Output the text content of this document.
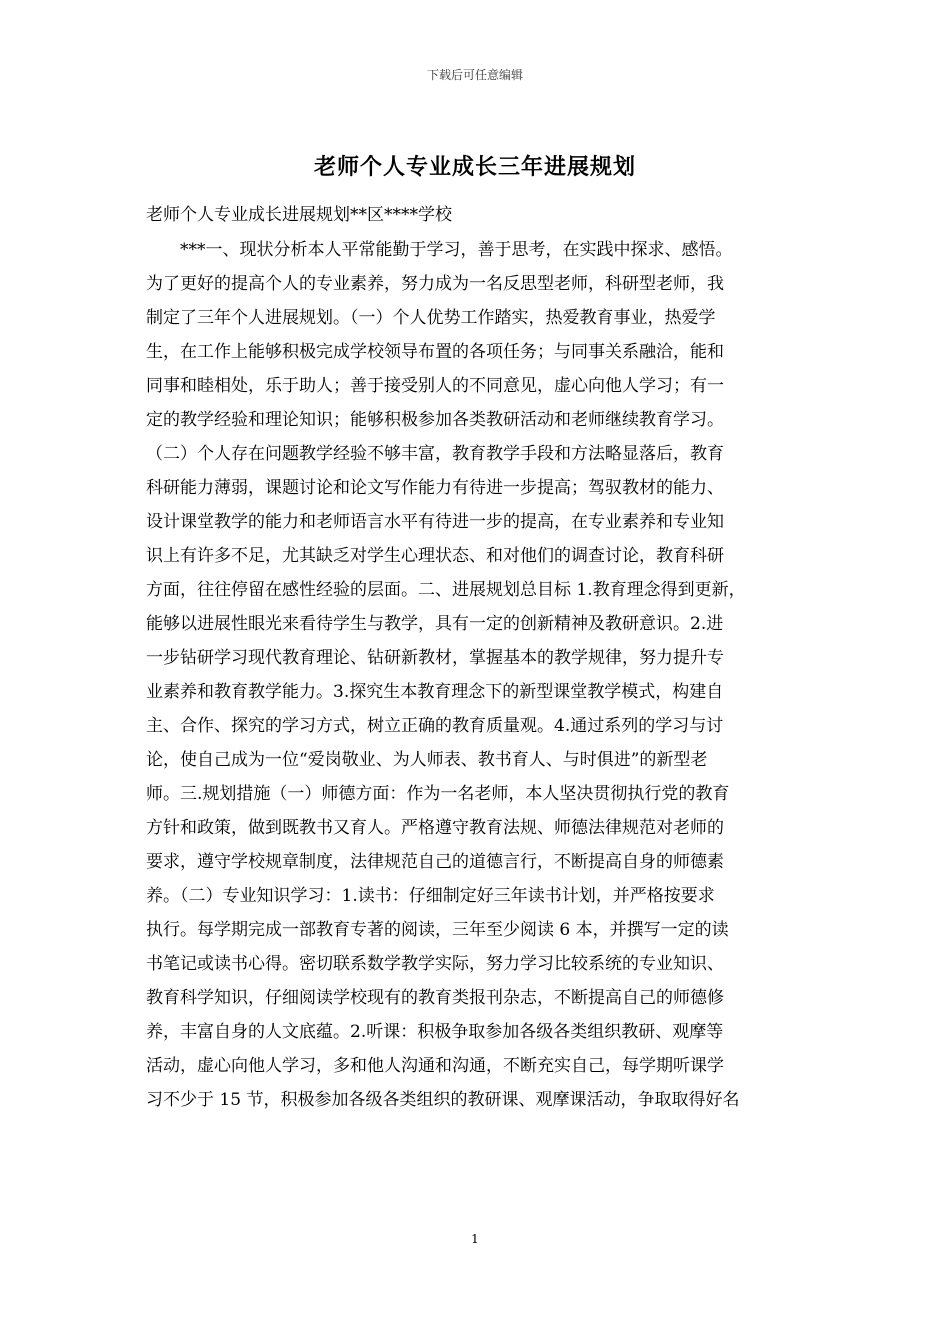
下载后可任意编辑
老师个人专业成长三年进展规划
老师个人专业成长进展规划**区****学校
***一、现状分析本人平常能勤于学习，善于思考，在实践中探求、感悟。
为了更好的提高个人的专业素养，努力成为一名反思型老师，科研型老师，我
制定了三年个人进展规划。（一）个人优势工作踏实，热爱教育事业，热爱学
生，在工作上能够积极完成学校领导布置的各项任务；与同事关系融洽，能和
同事和睦相处，乐于助人；善于接受别人的不同意见，虚心向他人学习；有一
定的教学经验和理论知识；能够积极参加各类教研活动和老师继续教育学习。
（二）个人存在问题教学经验不够丰富，教育教学手段和方法略显落后，教育
科研能力薄弱，课题讨论和论文写作能力有待进一步提高；驾驭教材的能力、
设计课堂教学的能力和老师语言水平有待进一步的提高，在专业素养和专业知
识上有许多不足，尤其缺乏对学生心理状态、和对他们的调查讨论，教育科研
方面，往往停留在感性经验的层面。二、进展规划总目标 1.教育理念得到更新，
能够以进展性眼光来看待学生与教学，具有一定的创新精神及教研意识。2.进
一步钻研学习现代教育理论、钻研新教材，掌握基本的教学规律，努力提升专
业素养和教育教学能力。3.探究生本教育理念下的新型课堂教学模式，构建自
主、合作、探究的学习方式，树立正确的教育质量观。4.通过系列的学习与讨
论，使自己成为一位“爱岗敬业、为人师表、教书育人、与时俱进”的新型老
师。三.规划措施（一）师德方面：作为一名老师，本人坚决贯彻执行党的教育
方针和政策，做到既教书又育人。严格遵守教育法规、师德法律规范对老师的
要求，遵守学校规章制度，法律规范自己的道德言行，不断提高自身的师德素
养。（二）专业知识学习：1.读书：仔细制定好三年读书计划，并严格按要求
执行。每学期完成一部教育专著的阅读，三年至少阅读 6 本，并撰写一定的读
书笔记或读书心得。密切联系数学教学实际，努力学习比较系统的专业知识、
教育科学知识，仔细阅读学校现有的教育类报刊杂志，不断提高自己的师德修
养，丰富自身的人文底蕴。2.听课：积极争取参加各级各类组织教研、观摩等
活动，虚心向他人学习，多和他人沟通和沟通，不断充实自己，每学期听课学
习不少于 15 节，积极参加各级各类组织的教研课、观摩课活动，争取取得好名
1
